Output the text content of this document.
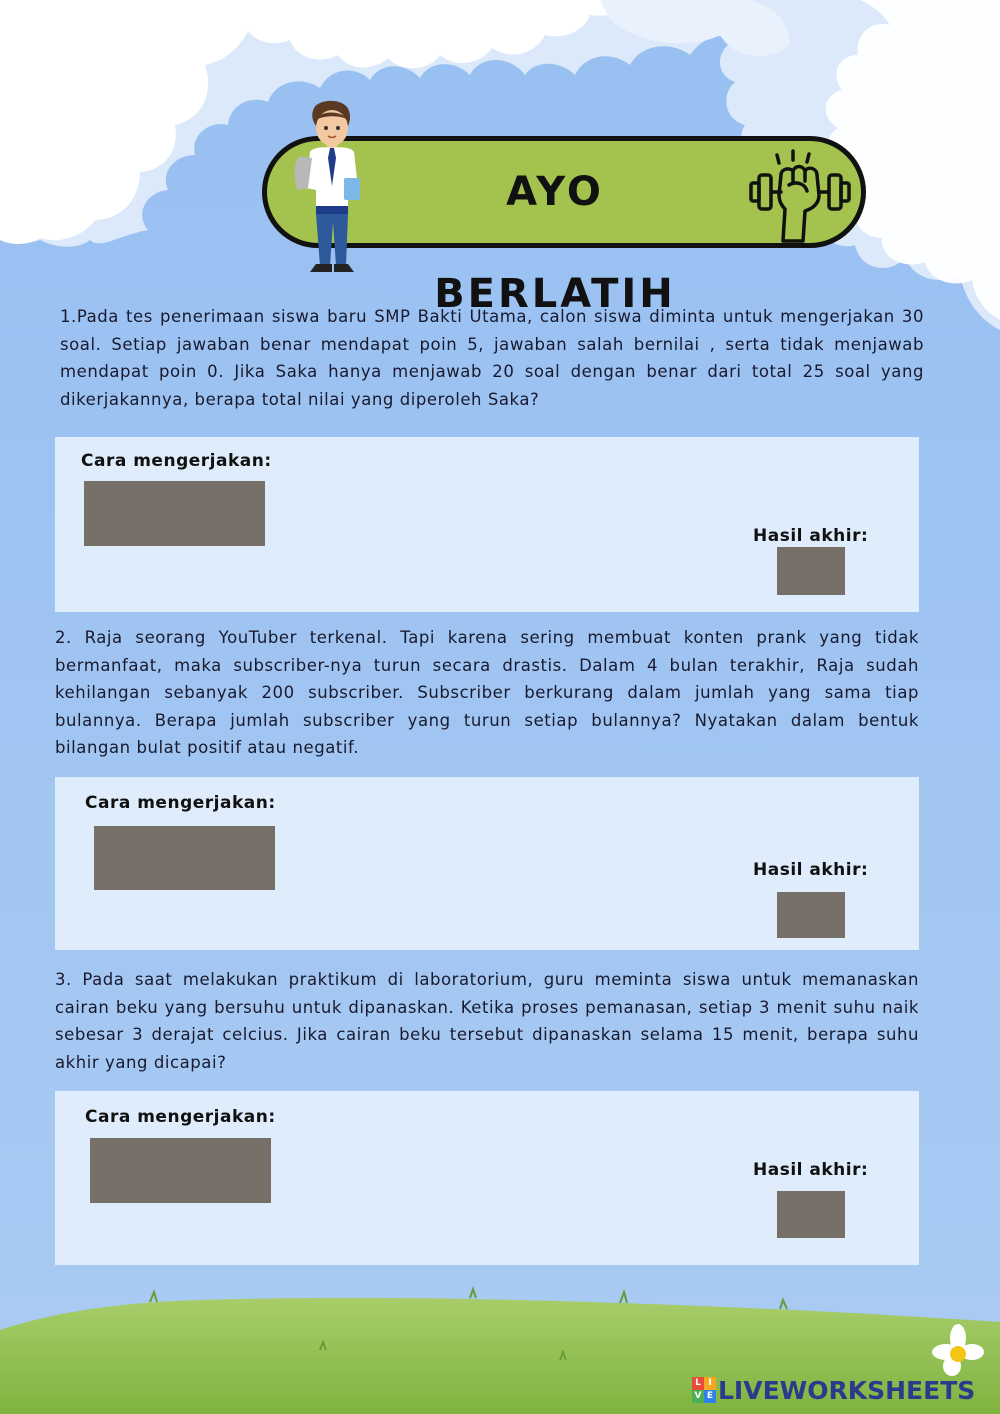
AYO BERLATIH

1.Pada tes penerimaan siswa baru SMP Bakti Utama, calon siswa diminta untuk mengerjakan 30 soal. Setiap jawaban benar mendapat poin 5, jawaban salah bernilai , serta tidak menjawab mendapat poin 0. Jika Saka hanya menjawab 20 soal dengan benar dari total 25 soal yang dikerjakannya, berapa total nilai yang diperoleh Saka?

Cara mengerjakan:
Hasil akhir:

2. Raja seorang YouTuber terkenal. Tapi karena sering membuat konten prank yang tidak bermanfaat, maka subscriber-nya turun secara drastis. Dalam 4 bulan terakhir, Raja sudah kehilangan sebanyak 200 subscriber. Subscriber berkurang dalam jumlah yang sama tiap bulannya. Berapa jumlah subscriber yang turun setiap bulannya? Nyatakan dalam bentuk bilangan bulat positif atau negatif.

Cara mengerjakan:
Hasil akhir:

3. Pada saat melakukan praktikum di laboratorium, guru meminta siswa untuk memanaskan cairan beku yang bersuhu untuk dipanaskan. Ketika proses pemanasan, setiap 3 menit suhu naik sebesar 3 derajat celcius. Jika cairan beku tersebut dipanaskan selama 15 menit, berapa suhu akhir yang dicapai?

Cara mengerjakan:
Hasil akhir:
L I
V E LIVEWORKSHEETS
